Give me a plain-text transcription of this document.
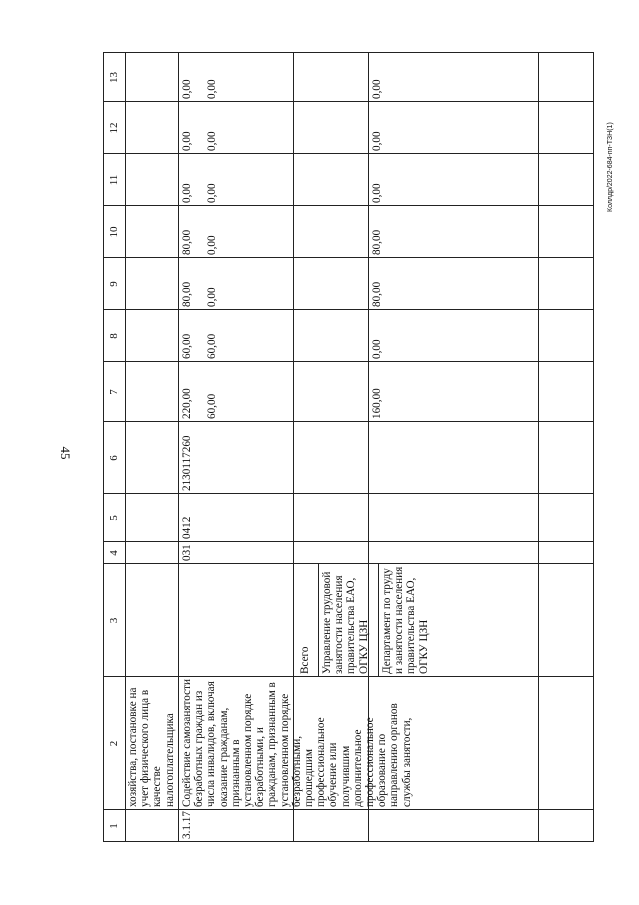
45
Коллдр/2022-684-пп-ТЗН(1)
1
2
3
4
5
6
7
8
9
10
11
12
13
хозяйства, постановке на учет физического лица в качестве налогоплательщика
3.1.17
Содействие самозанятости безработных граждан из числа инвалидов, включая оказание гражданам, признанным в установленном порядке безработными, и гражданам, признанным в установленном порядке безработными, прошедшим профессиональное обучение или получившим дополнительное профессиональное образование по направлению органов службы занятости,
Всего
031
0412
2130117260
220,00
60,00
80,00
80,00
0,00
0,00
0,00
Управление трудовой занятости населения правительства ЕАО, ОГКУ ЦЗН
60,00
60,00
0,00
0,00
0,00
0,00
0,00
Департамент по труду и занятости населения правительства ЕАО, ОГКУ ЦЗН
160,00
0,00
80,00
80,00
0,00
0,00
0,00
